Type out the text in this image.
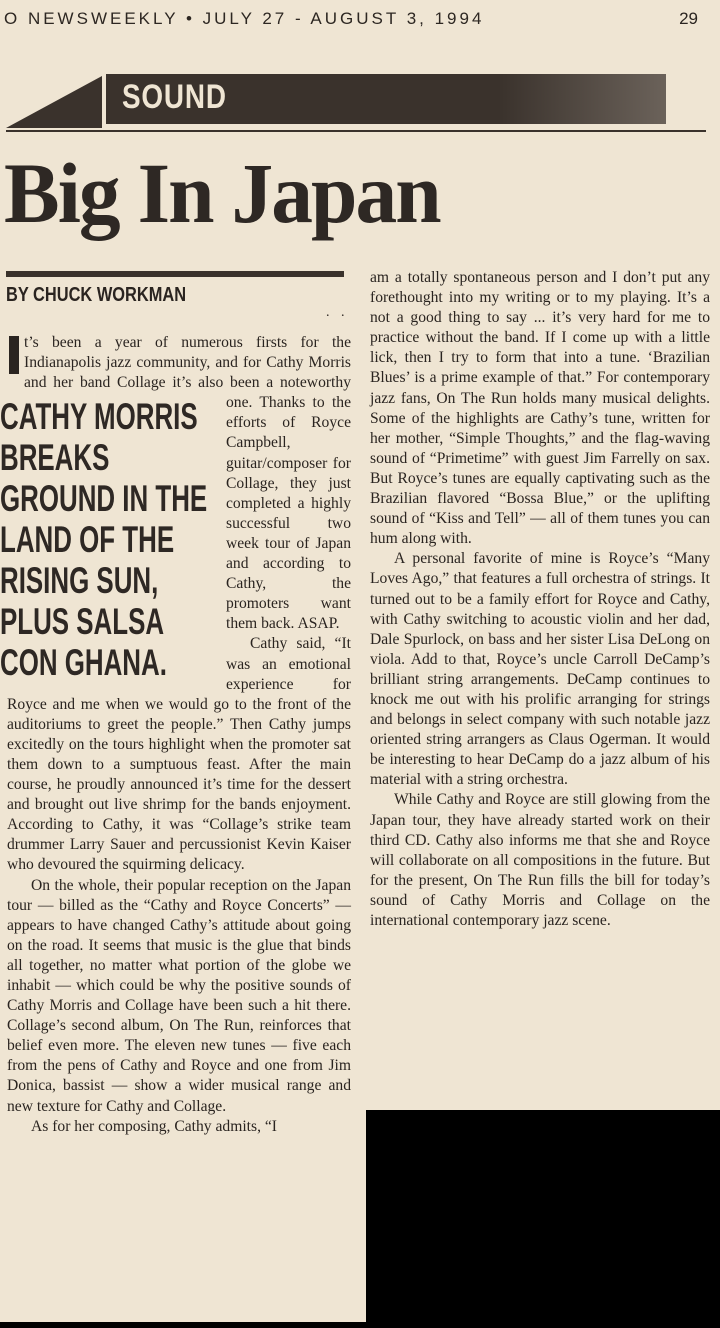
O NEWSWEEKLY • JULY 27 - AUGUST 3, 1994	29
SOUND
Big In Japan
BY CHUCK WORKMAN
. .

t’s been a year of numerous firsts for the Indianapolis jazz community, and for Cathy Morris and her band Collage it’s
CATHY MORRIS BREAKS GROUND IN THE LAND OF THE RISING SUN, PLUS SALSA CON GHANA.
also been a noteworthy one. Thanks to the efforts of Royce Campbell, guitar/composer for Collage, they just completed a highly successful two week tour of Japan and according to Cathy, the promoters want them back. ASAP.

Cathy said, “It was an emotional experience for Royce and me when we would go to the front of the auditoriums to greet the people.” Then Cathy jumps excitedly on the tours highlight when the promoter sat them down to a sumptuous feast. After the main course, he proudly announced it’s time for the dessert and brought out live shrimp for the bands enjoyment. According to Cathy, it was “Collage’s strike team drummer Larry Sauer and percussionist Kevin Kaiser who devoured the squirming delicacy.

On the whole, their popular reception on the Japan tour — billed as the “Cathy and Royce Concerts” — appears to have changed Cathy’s attitude about going on the road. It seems that music is the glue that binds all together, no matter what portion of the globe we inhabit — which could be why the positive sounds of Cathy Morris and Collage have been such a hit there. Collage’s second album, On The Run, reinforces that belief even more. The eleven new tunes — five each from the pens of Cathy and Royce and one from Jim Donica, bassist — show a wider musical range and new texture for Cathy and Collage.

As for her composing, Cathy admits, “I

am a totally spontaneous person and I don’t put any forethought into my writing or to my playing. It’s a not a good thing to say ... it’s very hard for me to practice without the band. If I come up with a little lick, then I try to form that into a tune. ‘Brazilian Blues’ is a prime example of that.” For contemporary jazz fans, On The Run holds many musical delights. Some of the highlights are Cathy’s tune, written for her mother, “Simple Thoughts,” and the flag-waving sound of “Primetime” with guest Jim Farrelly on sax. But Royce’s tunes are equally captivating such as the Brazilian flavored “Bossa Blue,” or the uplifting sound of “Kiss and Tell” — all of them tunes you can hum along with.

A personal favorite of mine is Royce’s “Many Loves Ago,” that features a full orchestra of strings. It turned out to be a family effort for Royce and Cathy, with Cathy switching to acoustic violin and her dad, Dale Spurlock, on bass and her sister Lisa DeLong on viola. Add to that, Royce’s uncle Carroll DeCamp’s brilliant string arrangements. DeCamp continues to knock me out with his prolific arranging for strings and belongs in select company with such notable jazz oriented string arrangers as Claus Ogerman. It would be interesting to hear DeCamp do a jazz album of his material with a string orchestra.

While Cathy and Royce are still glowing from the Japan tour, they have already started work on their third CD. Cathy also informs me that she and Royce will collaborate on all compositions in the future. But for the present, On The Run fills the bill for today’s sound of Cathy Morris and Collage on the international contemporary jazz scene.
